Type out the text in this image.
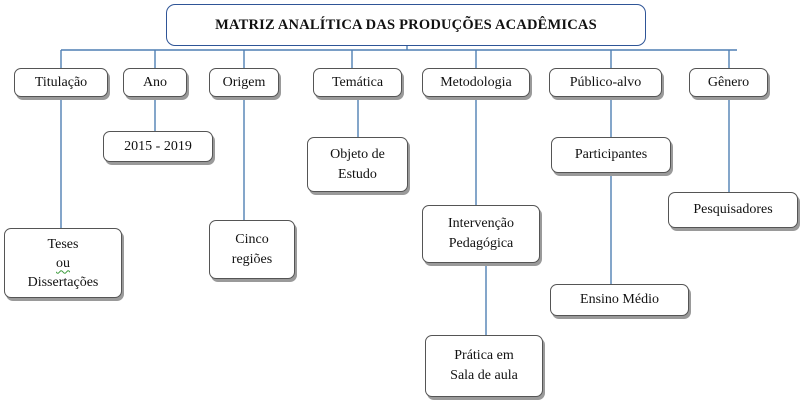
MATRIZ ANALÍTICA DAS PRODUÇÕES ACADÊMICAS
Titulação	Ano	Origem	Temática	Metodologia	Público-alvo	Gênero
Teses
ou
Dissertações
2015 - 2019
Cinco
regiões
Objeto de
Estudo
Intervenção
Pedagógica
Prática em
Sala de aula
Participantes
Ensino Médio
Pesquisadores
